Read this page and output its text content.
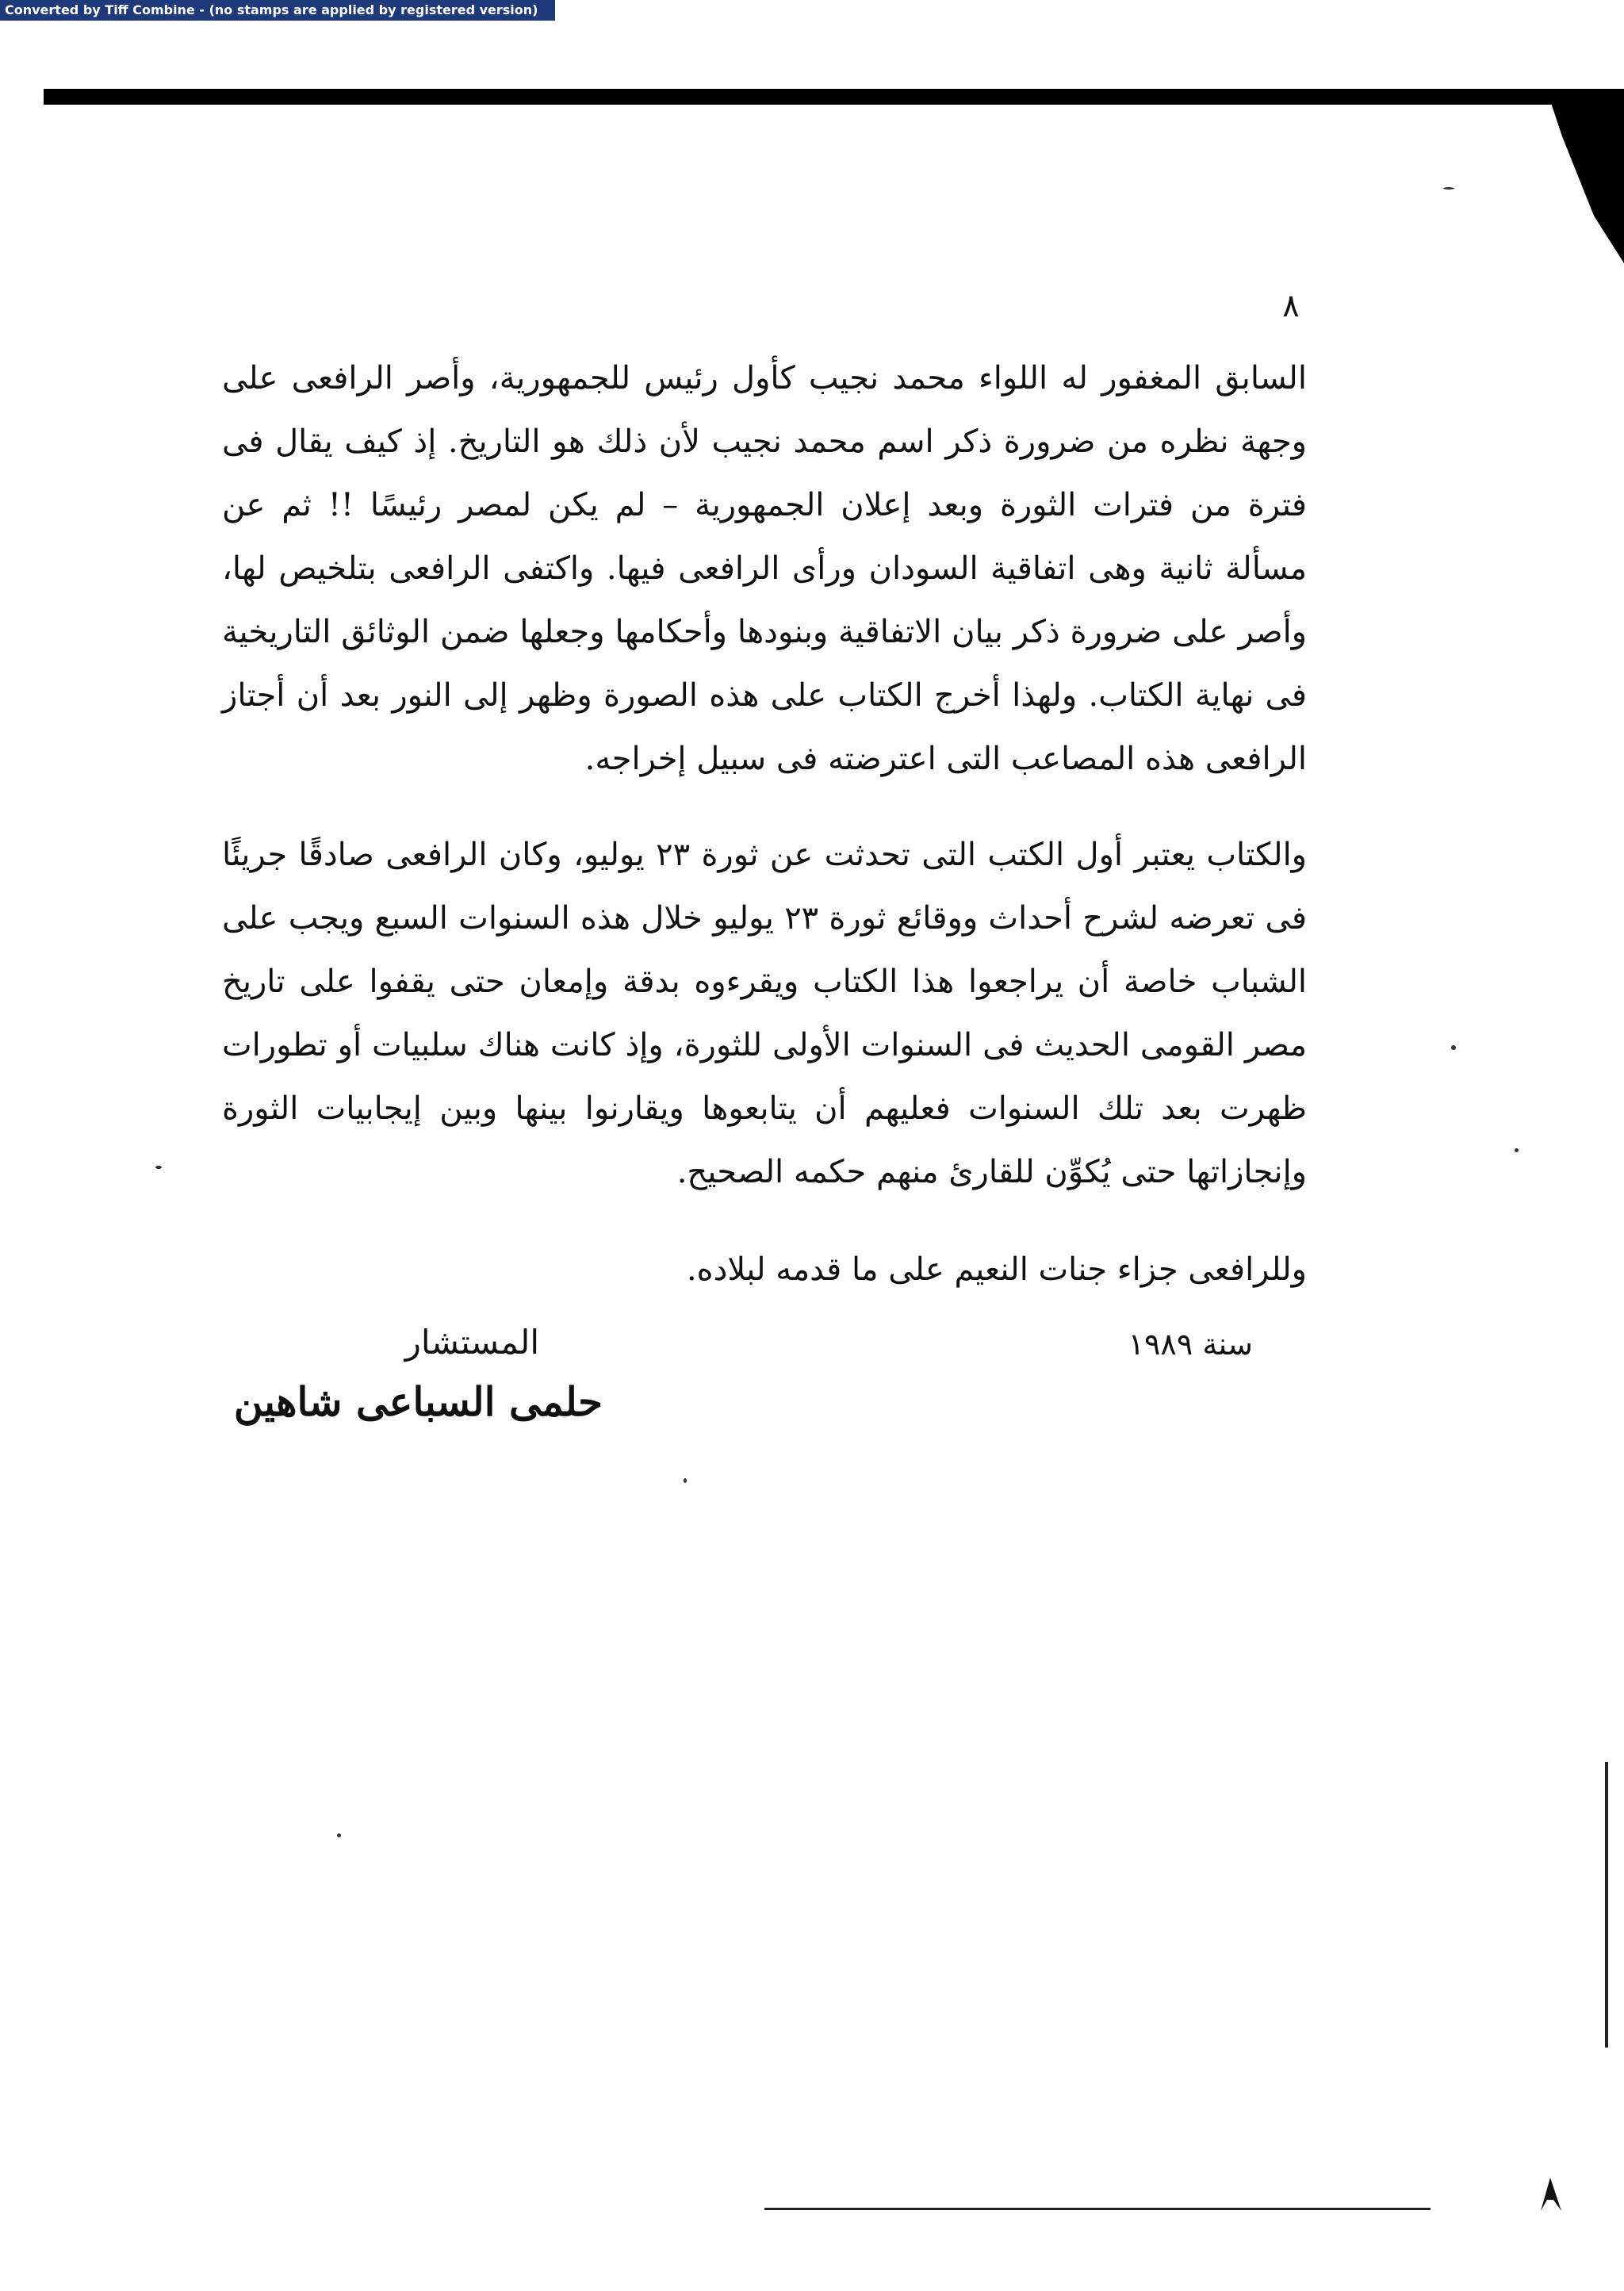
Converted by Tiff Combine - (no stamps are applied by registered version)
٨

السابق المغفور له اللواء محمد نجيب كأول رئيس للجمهورية، وأصر الرافعى على وجهة نظره من ضرورة ذكر اسم محمد نجيب لأن ذلك هو التاريخ. إذ كيف يقال فى فترة من فترات الثورة وبعد إعلان الجمهورية – لم يكن لمصر رئيسًا !! ثم عن مسألة ثانية وهى اتفاقية السودان ورأى الرافعى فيها. واكتفى الرافعى بتلخيص لها، وأصر على ضرورة ذكر بيان الاتفاقية وبنودها وأحكامها وجعلها ضمن الوثائق التاريخية فى نهاية الكتاب. ولهذا أخرج الكتاب على هذه الصورة وظهر إلى النور بعد أن أجتاز الرافعى هذه المصاعب التى اعترضته فى سبيل إخراجه.

والكتاب يعتبر أول الكتب التى تحدثت عن ثورة ٢٣ يوليو، وكان الرافعى صادقًا جريئًا فى تعرضه لشرح أحداث ووقائع ثورة ٢٣ يوليو خلال هذه السنوات السبع ويجب على الشباب خاصة أن يراجعوا هذا الكتاب ويقرءوه بدقة وإمعان حتى يقفوا على تاريخ مصر القومى الحديث فى السنوات الأولى للثورة، وإذ كانت هناك سلبيات أو تطورات ظهرت بعد تلك السنوات فعليهم أن يتابعوها ويقارنوا بينها وبين إيجابيات الثورة وإنجازاتها حتى يُكوِّن للقارئ منهم حكمه الصحيح.

وللرافعى جزاء جنات النعيم على ما قدمه لبلاده.

المستشار
حلمى السباعى شاهين
سنة ١٩٨٩
